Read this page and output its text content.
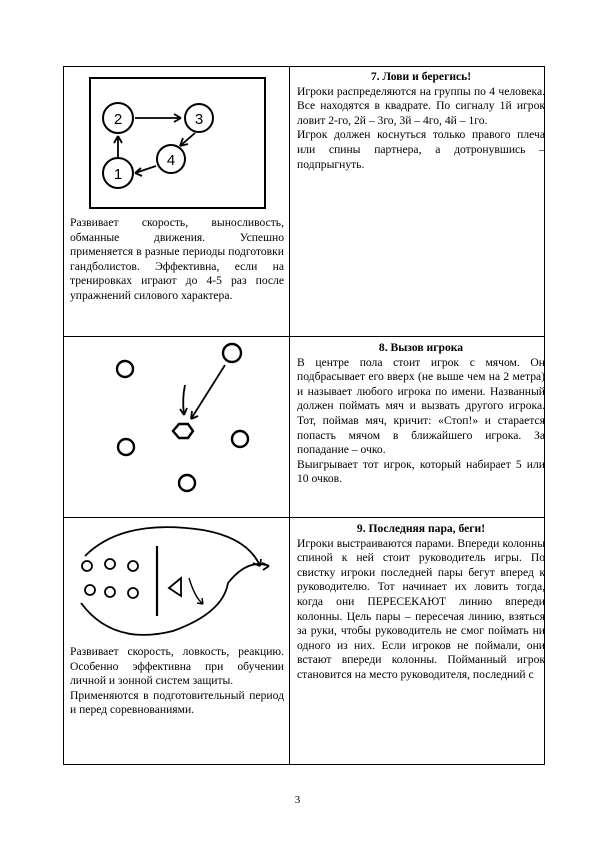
2	3
4
1

Развивает скорость, выносливость, обманные движения. Успешно применяется в разные периоды подготовки гандболистов. Эффективна, если на тренировках играют до 4-5 раз после упражнений силового характера.

7. Лови и берегись!

Игроки распределяются на группы по 4 человека. Все находятся в квадрате. По сигналу 1й игрок ловит 2-го, 2й – 3го, 3й – 4го, 4й – 1го.

Игрок должен коснуться только правого плеча или спины партнера, а дотронувшись – подпрыгнуть.

8. Вызов игрока

В центре пола стоит игрок с мячом. Он подбрасывает его вверх (не выше чем на 2 метра) и называет любого игрока по имени. Названный должен поймать мяч и вызвать другого игрока. Тот, поймав мяч, кричит: «Стоп!» и старается попасть мячом в ближайшего игрока. За попадание – очко.

Выигрывает тот игрок, который набирает 5 или 10 очков.

Развивает скорость, ловкость, реакцию. Особенно эффективна при обучении личной и зонной систем защиты.

Применяются в подготовительный период и перед соревнованиями.

9. Последняя пара, беги!

Игроки выстраиваются парами. Впереди колонны спиной к ней стоит руководитель игры. По свистку игроки последней пары бегут вперед к руководителю. Тот начинает их ловить тогда, когда они ПЕРЕСЕКАЮТ линию впереди колонны. Цель пары – пересечая линию, взяться за руки, чтобы руководитель не смог поймать ни одного из них. Если игроков не поймали, они встают впереди колонны. Пойманный игрок становится на место руководителя, последний с

3
